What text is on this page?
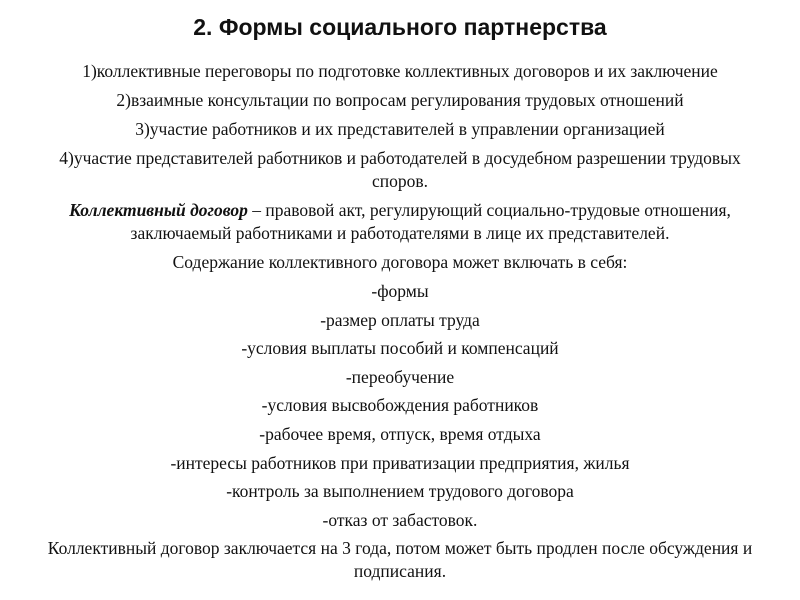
2. Формы социального партнерства

1)коллективные переговоры по подготовке коллективных договоров и их заключение

2)взаимные консультации по вопросам регулирования трудовых отношений

3)участие работников и их представителей в управлении организацией

4)участие представителей работников и работодателей в досудебном разрешении трудовых споров.

Коллективный договор – правовой акт, регулирующий социально-трудовые отношения, заключаемый работниками и работодателями в лице их представителей.

Содержание коллективного договора может включать в себя:

-формы

-размер оплаты труда

-условия выплаты пособий и компенсаций

-переобучение

-условия высвобождения работников

-рабочее время, отпуск, время отдыха

-интересы работников при приватизации предприятия, жилья

-контроль за выполнением трудового договора

-отказ от забастовок.

Коллективный договор заключается на 3 года, потом может быть продлен после обсуждения и подписания.
